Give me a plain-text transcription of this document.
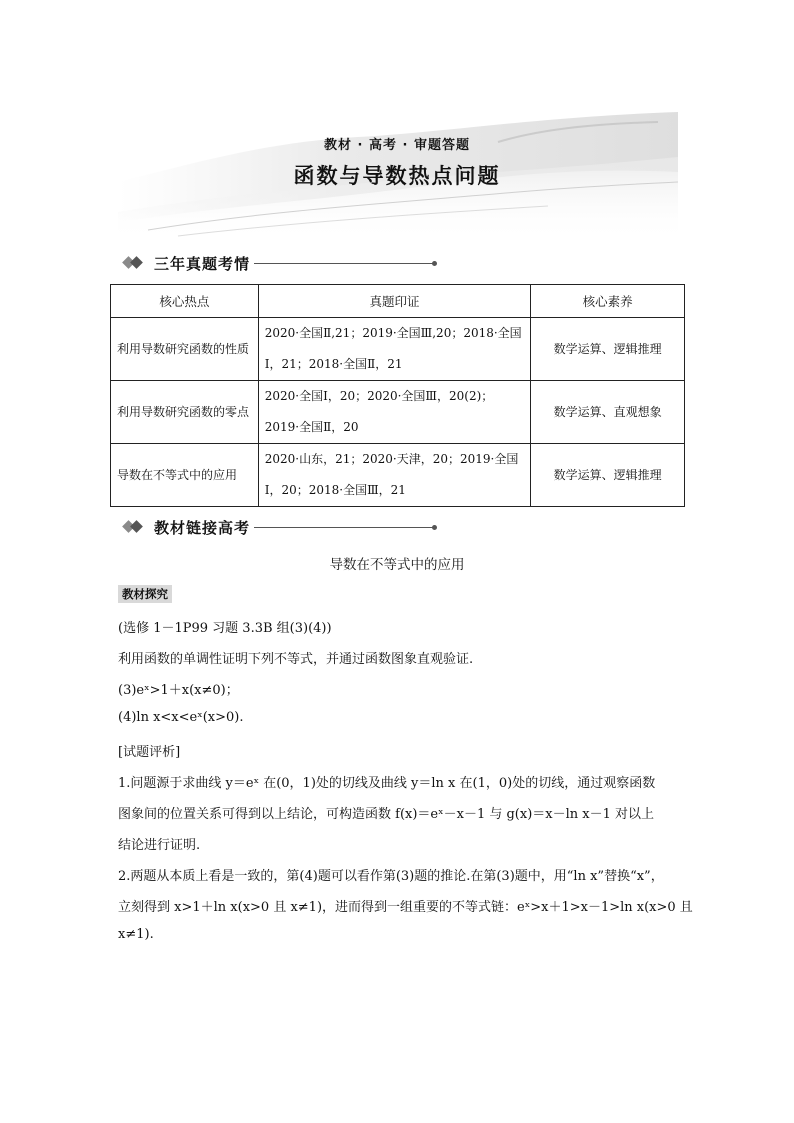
教材 · 高考 · 审题答题
函数与导数热点问题
三年真题考情
核心热点	真题印证	核心素养
利用导数研究函数的性质	2020·全国Ⅱ,21；2019·全国Ⅲ,20；2018·全国Ⅰ，21；2018·全国Ⅱ，21	数学运算、逻辑推理
利用导数研究函数的零点	2020·全国Ⅰ，20；2020·全国Ⅲ，20(2)；2019·全国Ⅱ，20	数学运算、直观想象
导数在不等式中的应用	2020·山东，21；2020·天津，20；2019·全国Ⅰ，20；2018·全国Ⅲ，21	数学运算、逻辑推理
教材链接高考
导数在不等式中的应用
教材探究
(选修 1－1P99 习题 3.3B 组(3)(4))
利用函数的单调性证明下列不等式，并通过函数图象直观验证.
(3)eˣ>1＋x(x≠0)；
(4)ln x<x<eˣ(x>0).
[试题评析]
1.问题源于求曲线 y＝eˣ 在(0，1)处的切线及曲线 y＝ln x 在(1，0)处的切线，通过观察函数
图象间的位置关系可得到以上结论，可构造函数 f(x)＝eˣ－x－1 与 g(x)＝x－ln x－1 对以上
结论进行证明.
2.两题从本质上看是一致的，第(4)题可以看作第(3)题的推论.在第(3)题中，用“ln x”替换“x”，
立刻得到 x>1＋ln x(x>0 且 x≠1)，进而得到一组重要的不等式链：eˣ>x＋1>x－1>ln x(x>0 且
x≠1).
